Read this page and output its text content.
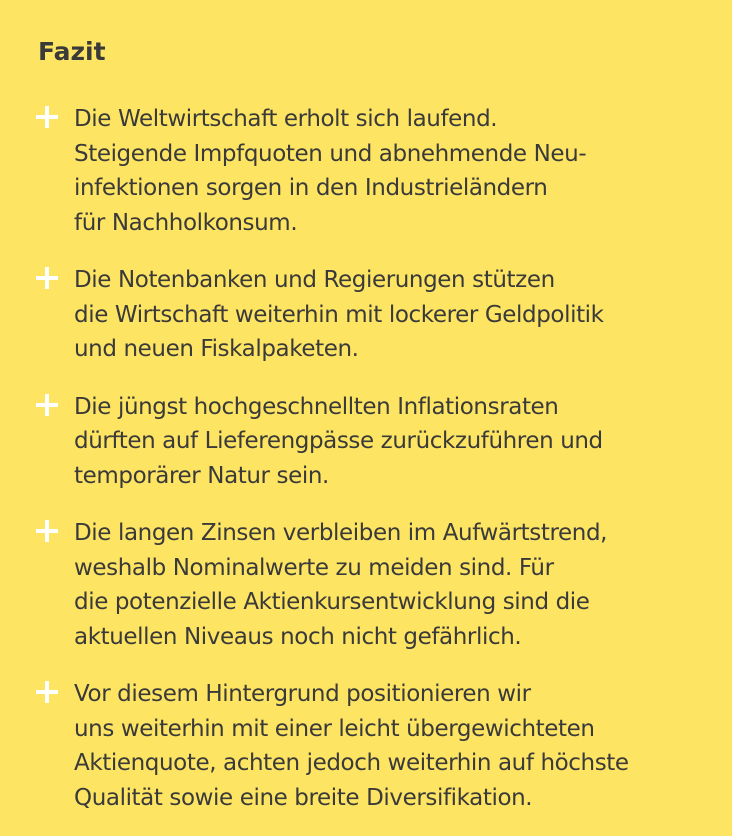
Fazit
Die Weltwirtschaft erholt sich laufend.
Steigende Impfquoten und abnehmende Neu-
infektionen sorgen in den Industrieländern
für Nachholkonsum.
Die Notenbanken und Regierungen stützen
die Wirtschaft weiterhin mit lockerer Geldpolitik
und neuen Fiskalpaketen.
Die jüngst hochgeschnellten Inflationsraten
dürften auf Lieferengpässe zurückzuführen und
temporärer Natur sein.
Die langen Zinsen verbleiben im Aufwärtstrend,
weshalb Nominalwerte zu meiden sind. Für
die potenzielle Aktienkursentwicklung sind die
aktuellen Niveaus noch nicht gefährlich.
Vor diesem Hintergrund positionieren wir
uns weiterhin mit einer leicht übergewichteten
Aktienquote, achten jedoch weiterhin auf höchste
Qualität sowie eine breite Diversifikation.
